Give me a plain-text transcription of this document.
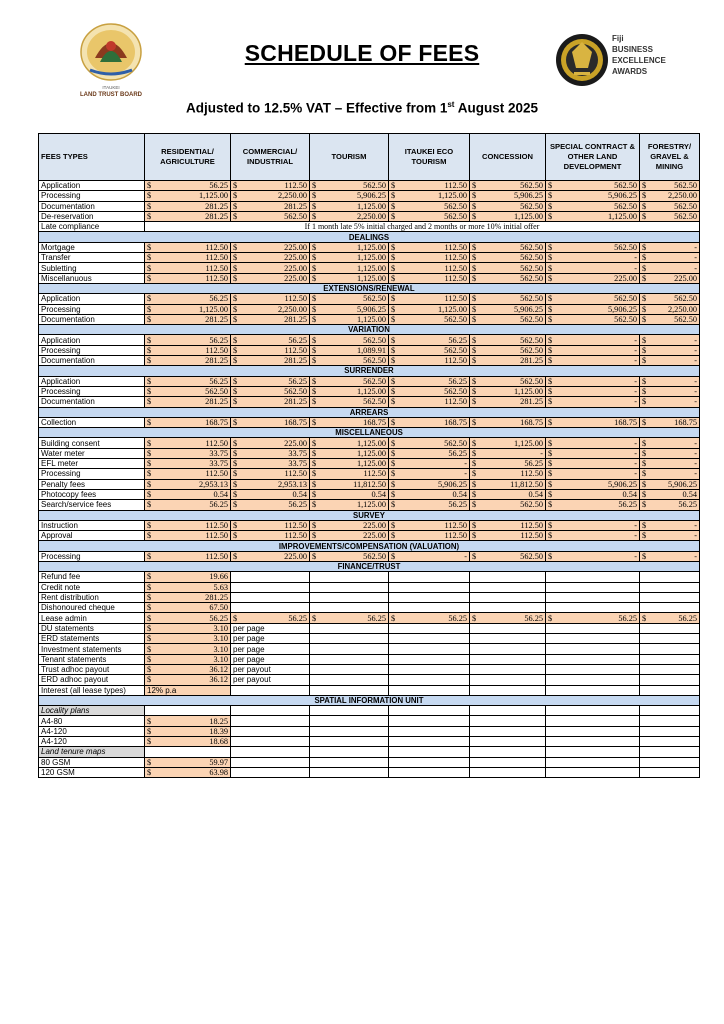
ITAUKEI
LAND TRUST BOARD
SCHEDULE OF FEES
Fiji
BUSINESS
EXCELLENCE
AWARDS
Adjusted to 12.5% VAT – Effective from 1st August 2025
FEES TYPES	RESIDENTIAL/ AGRICULTURE	COMMERCIAL/ INDUSTRIAL	TOURISM	ITAUKEI ECO TOURISM	CONCESSION	SPECIAL CONTRACT & OTHER LAND DEVELOPMENT	FORESTRY/ GRAVEL & MINING
Application	$ 56.25	$ 112.50	$ 562.50	$ 112.50	$ 562.50	$ 562.50	$ 562.50

Processing	$ 1,125.00	$ 2,250.00	$ 5,906.25	$ 1,125.00	$ 5,906.25	$ 5,906.25	$ 2,250.00

Documentation	$ 281.25	$ 281.25	$ 1,125.00	$ 562.50	$ 562.50	$ 562.50	$ 562.50

De-reservation	$ 281.25	$ 562.50	$ 2,250.00	$ 562.50	$ 1,125.00	$ 1,125.00	$ 562.50

Late compliance	If 1 month late 5% initial charged and 2 months or more 10% initial offer						
DEALINGS							
Mortgage	$ 112.50	$ 225.00	$ 1,125.00	$ 112.50	$ 562.50	$ 562.50	$ -

Transfer	$ 112.50	$ 225.00	$ 1,125.00	$ 112.50	$ 562.50	$ -	$ -

Subletting	$ 112.50	$ 225.00	$ 1,125.00	$ 112.50	$ 562.50	$ -	$ -

Miscellanuous	$ 112.50	$ 225.00	$ 1,125.00	$ 112.50	$ 562.50	$ 225.00	$ 225.00

EXTENSIONS/RENEWAL							
Application	$ 56.25	$ 112.50	$ 562.50	$ 112.50	$ 562.50	$ 562.50	$ 562.50

Processing	$ 1,125.00	$ 2,250.00	$ 5,906.25	$ 1,125.00	$ 5,906.25	$ 5,906.25	$ 2,250.00

Documentation	$ 281.25	$ 281.25	$ 1,125.00	$ 562.50	$ 562.50	$ 562.50	$ 562.50

VARIATION							
Application	$ 56.25	$ 56.25	$ 562.50	$ 56.25	$ 562.50	$ -	$ -

Processing	$ 112.50	$ 112.50	$ 1,089.91	$ 562.50	$ 562.50	$ -	$ -

Documentation	$ 281.25	$ 281.25	$ 562.50	$ 112.50	$ 281.25	$ -	$ -

SURRENDER							
Application	$ 56.25	$ 56.25	$ 562.50	$ 56.25	$ 562.50	$ -	$ -

Processing	$ 562.50	$ 562.50	$ 1,125.00	$ 562.50	$ 1,125.00	$ -	$ -

Documentation	$ 281.25	$ 281.25	$ 562.50	$ 112.50	$ 281.25	$ -	$ -

ARREARS							
Collection	$ 168.75	$ 168.75	$ 168.75	$ 168.75	$ 168.75	$ 168.75	$ 168.75

MISCELLANEOUS							
Building consent	$ 112.50	$ 225.00	$ 1,125.00	$ 562.50	$ 1,125.00	$ -	$ -

Water meter	$ 33.75	$ 33.75	$ 1,125.00	$ 56.25	$ -	$ -	$ -

EFL meter	$ 33.75	$ 33.75	$ 1,125.00	$ -	$ 56.25	$ -	$ -

Processing	$ 112.50	$ 112.50	$ 112.50	$ -	$ 112.50	$ -	$ -

Penalty fees	$ 2,953.13	$ 2,953.13	$ 11,812.50	$ 5,906.25	$ 11,812.50	$ 5,906.25	$ 5,906.25

Photocopy fees	$ 0.54	$ 0.54	$ 0.54	$ 0.54	$ 0.54	$ 0.54	$ 0.54

Search/service fees	$ 56.25	$ 56.25	$ 1,125.00	$ 56.25	$ 562.50	$ 56.25	$ 56.25

SURVEY							
Instruction	$ 112.50	$ 112.50	$ 225.00	$ 112.50	$ 112.50	$ -	$ -

Approval	$ 112.50	$ 112.50	$ 225.00	$ 112.50	$ 112.50	$ -	$ -

IMPROVEMENTS/COMPENSATION (VALUATION)							
Processing	$ 112.50	$ 225.00	$ 562.50	$ -	$ 562.50	$ -	$ -

FINANCE/TRUST							
Refund fee	$ 19.66						

Credit note	$ 5.63						

Rent distribution	$ 281.25						

Dishonoured cheque	$ 67.50						

Lease admin	$ 56.25	$ 56.25	$ 56.25	$ 56.25	$ 56.25	$ 56.25	$ 56.25

DU statements	$ 3.10	per page					
ERD statements	$ 3.10	per page					
Investment statements	$ 3.10	per page					
Tenant statements	$ 3.10	per page					
Trust adhoc payout	$ 36.12	per payout					
ERD adhoc payout	$ 36.12	per payout					
Interest (all lease types)	12% p.a						
SPATIAL INFORMATION UNIT							
Locality plans							
A4-80	$ 18.25						

A4-120	$ 18.39						

A4-120	$ 18.68						

Land tenure maps							
80 GSM	$ 59.97						

120 GSM	$ 63.98						
